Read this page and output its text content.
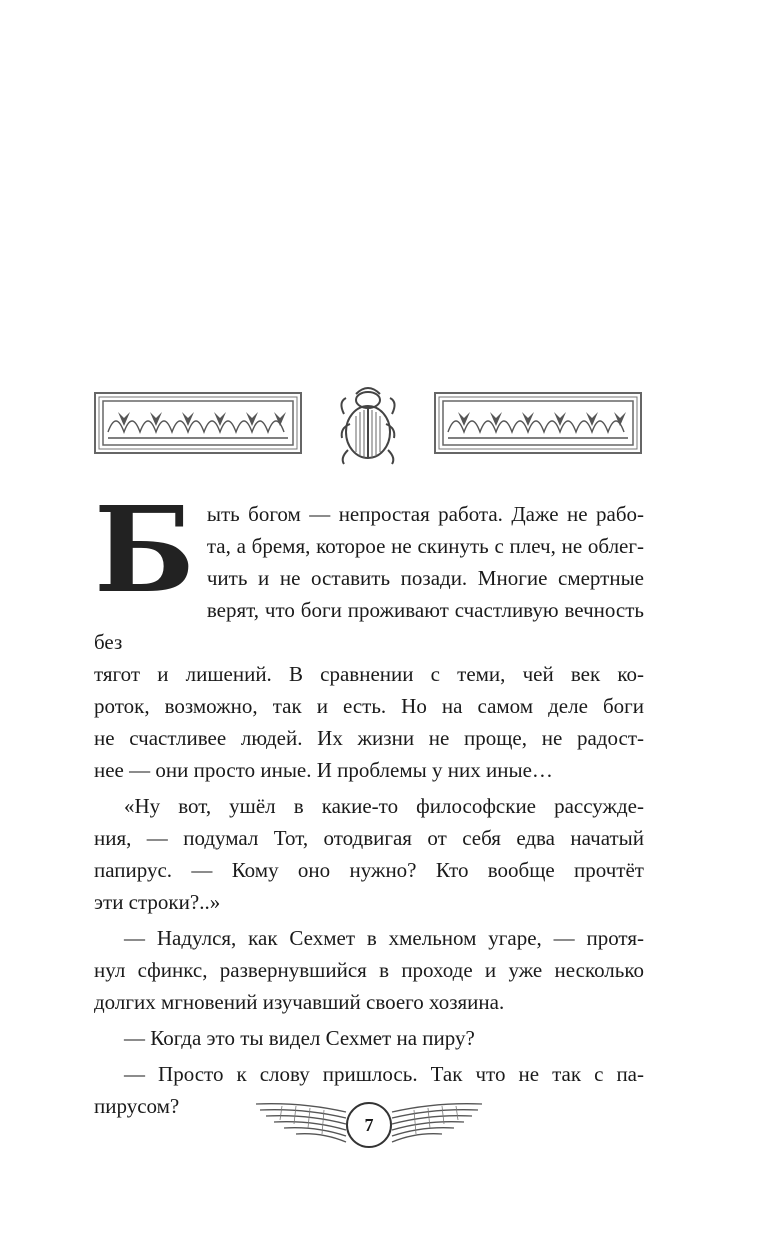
Б ыть богом — непростая работа. Даже не рабо-
та, а бремя, которое не скинуть с плеч, не облег-
чить и не оставить позади. Многие смертные
верят, что боги проживают счастливую вечность без
тягот и лишений. В сравнении с теми, чей век ко-
роток, возможно, так и есть. Но на самом деле боги
не счастливее людей. Их жизни не проще, не радост-
нее — они просто иные. И проблемы у них иные…

«Ну вот, ушёл в какие-то философские рассужде-
ния, — подумал Тот, отодвигая от себя едва начатый
папирус. — Кому оно нужно? Кто вообще прочтёт
эти строки?..»

— Надулся, как Сехмет в хмельном угаре, — протя-
нул сфинкс, развернувшийся в проходе и уже несколько
долгих мгновений изучавший своего хозяина.

— Когда это ты видел Сехмет на пиру?

— Просто к слову пришлось. Так что не так с па-
пирусом?

7
